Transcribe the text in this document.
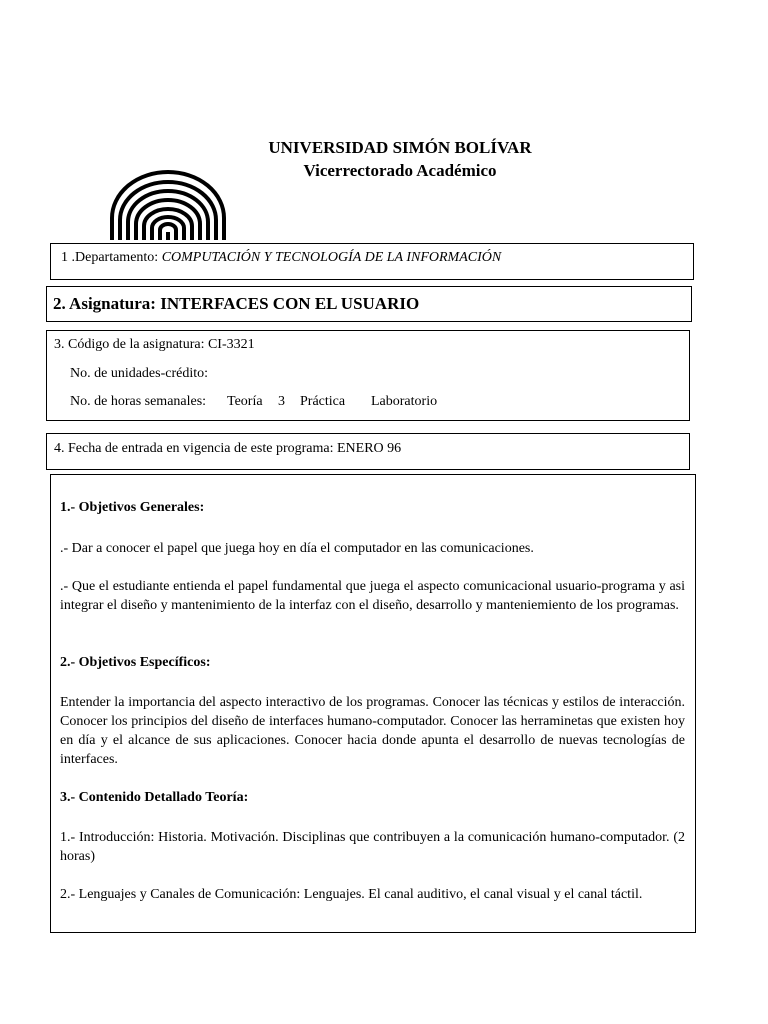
UNIVERSIDAD SIMÓN BOLÍVAR
Vicerrectorado Académico
1 .Departamento: COMPUTACIÓN Y TECNOLOGÍA DE LA INFORMACIÓN
2. Asignatura: INTERFACES CON EL USUARIO
3. Código de la asignatura: CI-3321
No. de unidades-crédito:
No. de horas semanales: Teoría 3 Práctica Laboratorio
4. Fecha de entrada en vigencia de este programa: ENERO 96
1.- Objetivos Generales:
.- Dar a conocer el papel que juega hoy en día el computador en las comunicaciones.
.- Que el estudiante entienda el papel fundamental que juega el aspecto comunicacional usuario-programa y asi integrar el diseño y mantenimiento de la interfaz con el diseño, desarrollo y manteniemiento de los programas.
2.- Objetivos Específicos:
Entender la importancia del aspecto interactivo de los programas. Conocer las técnicas y estilos de interacción. Conocer los principios del diseño de interfaces humano-computador. Conocer las herraminetas que existen hoy en día y el alcance de sus aplicaciones. Conocer hacia donde apunta el desarrollo de nuevas tecnologías de interfaces.
3.- Contenido Detallado Teoría:
1.- Introducción: Historia. Motivación. Disciplinas que contribuyen a la comunicación humano-computador. (2 horas)
2.- Lenguajes y Canales de Comunicación: Lenguajes. El canal auditivo, el canal visual y el canal táctil.
